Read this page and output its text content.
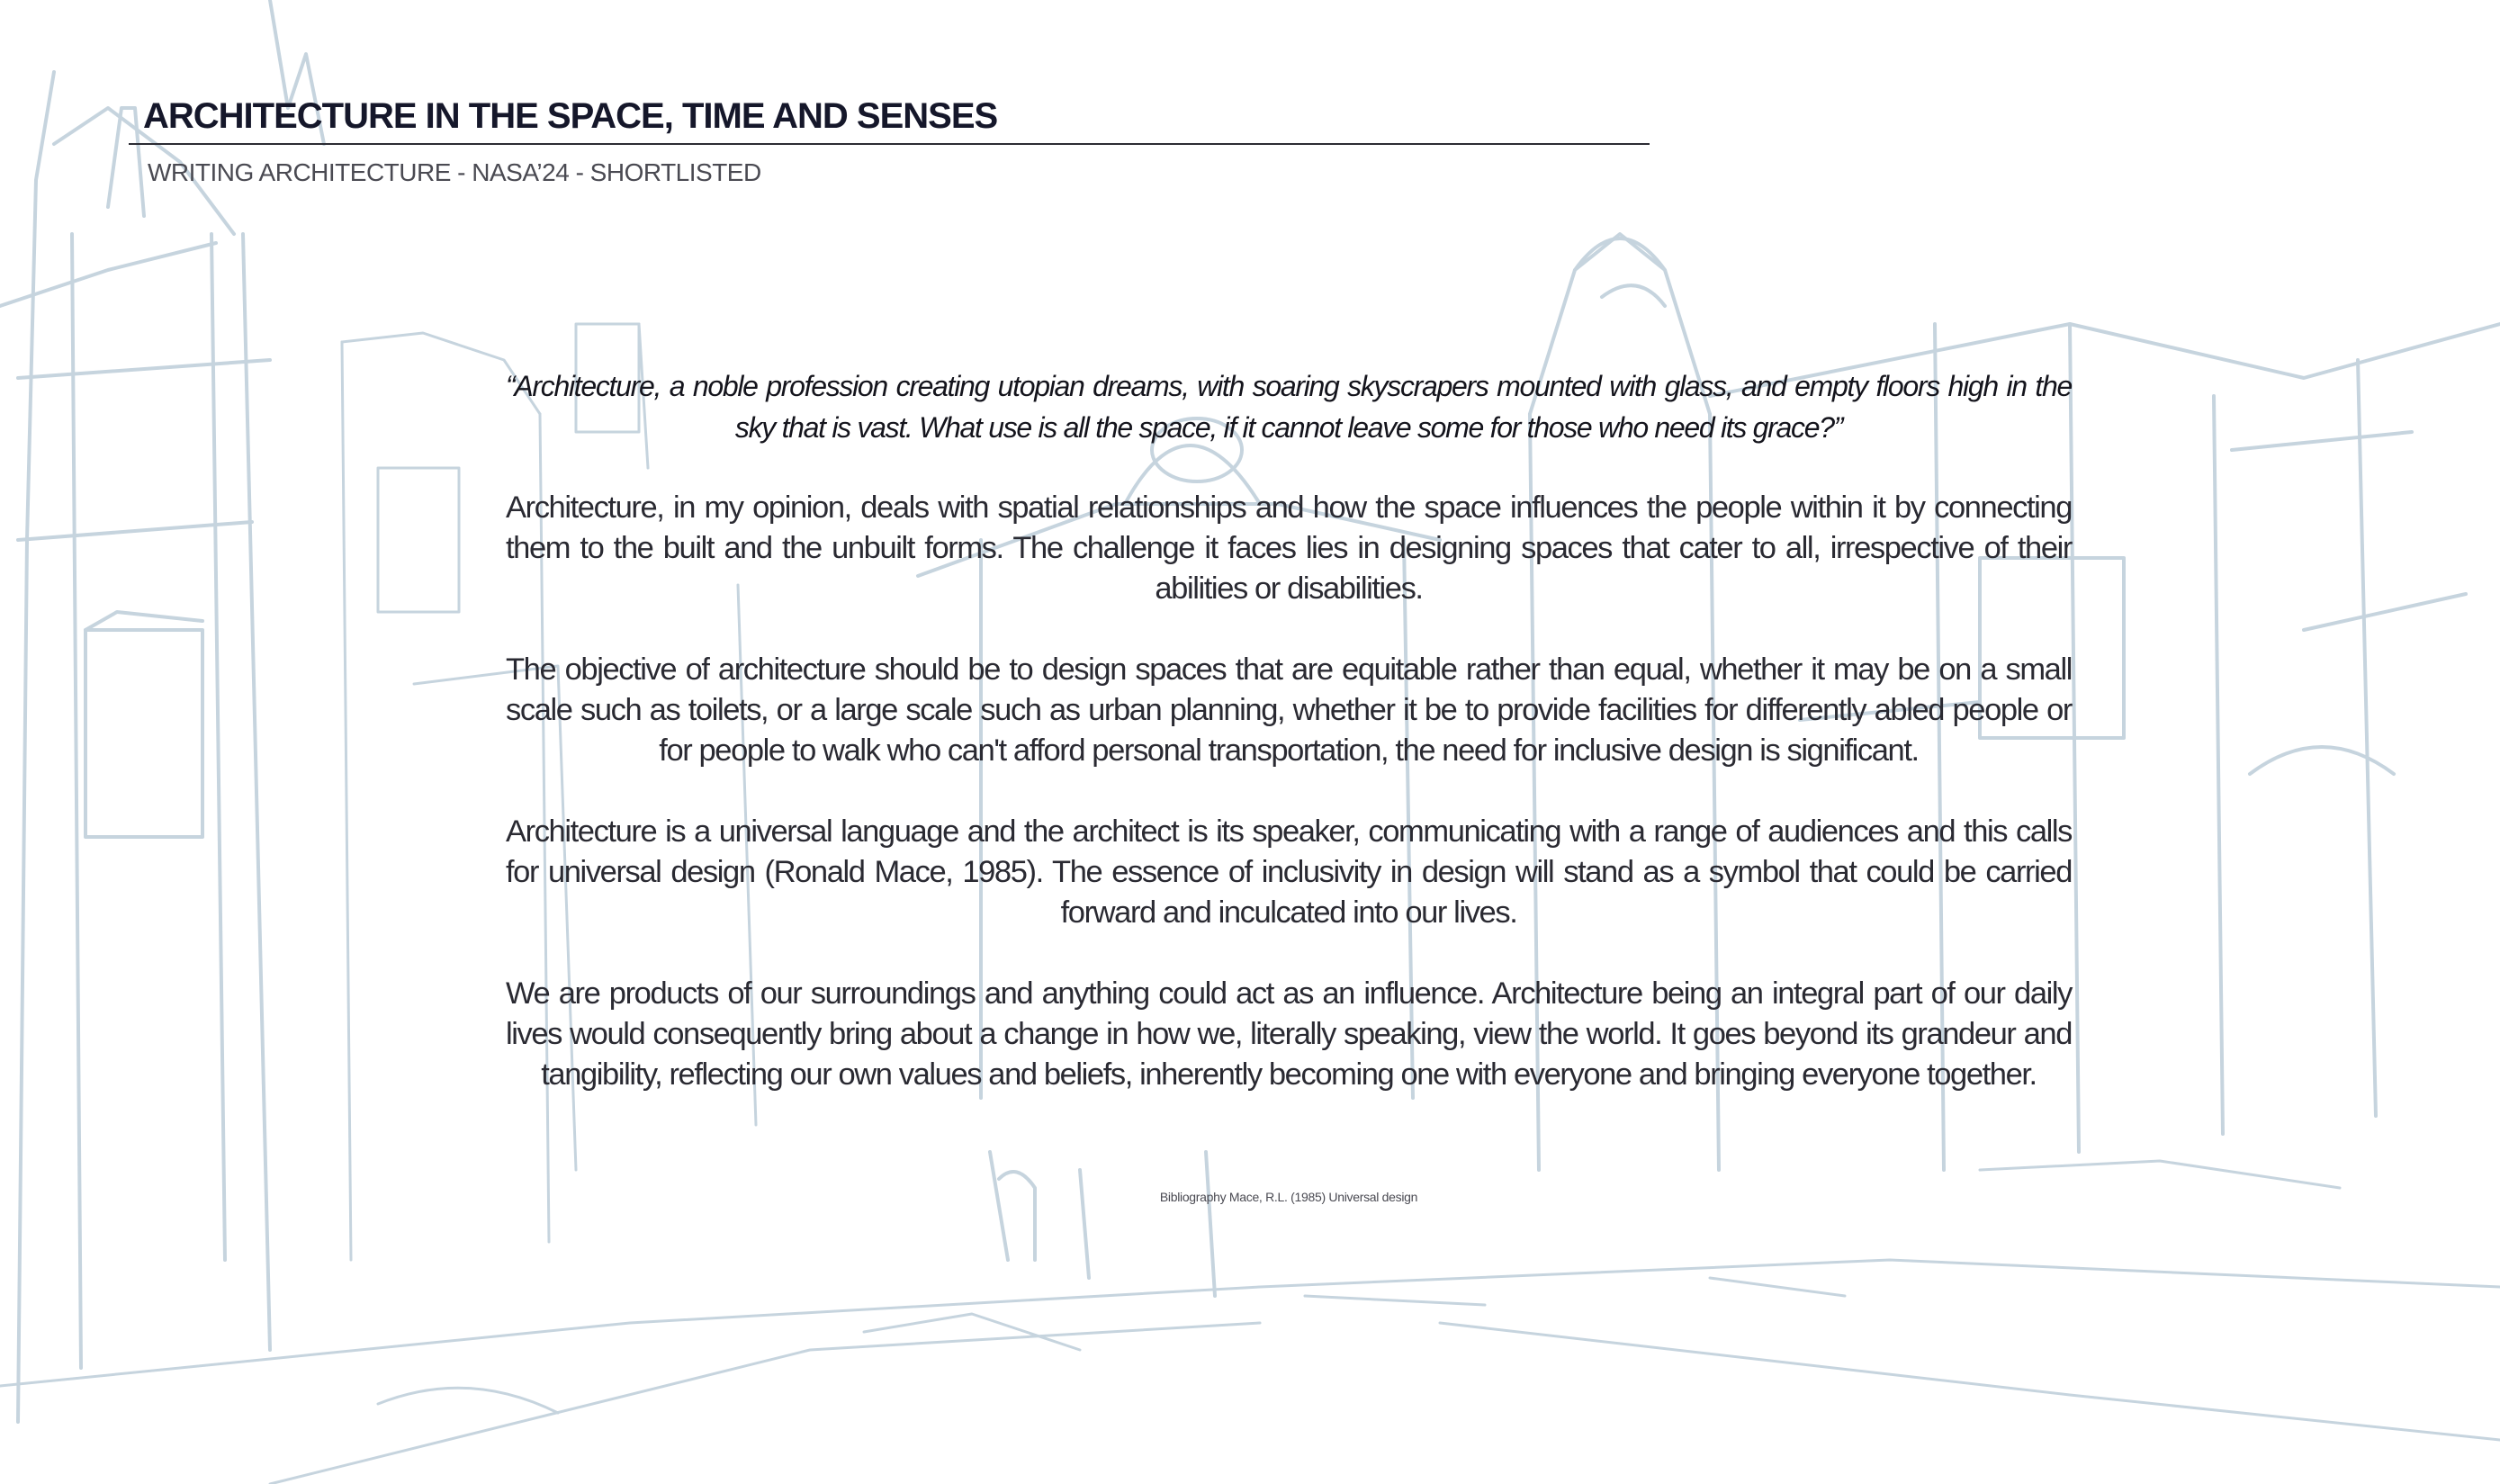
ARCHITECTURE IN THE SPACE, TIME AND SENSES
WRITING ARCHITECTURE - NASA’24 - SHORTLISTED

“Architecture, a noble profession creating utopian dreams, with soaring skyscrapers mounted with glass, and empty floors high in the sky that is vast. What use is all the space, if it cannot leave some for those who need its grace?”

Architecture, in my opinion, deals with spatial relationships and how the space influences the people within it by connecting them to the built and the unbuilt forms. The challenge it faces lies in designing spaces that cater to all, irrespective of their abilities or disabilities.

The objective of architecture should be to design spaces that are equitable rather than equal, whether it may be on a small scale such as toilets, or a large scale such as urban planning, whether it be to provide facilities for differently abled people or for people to walk who can't afford personal transportation, the need for inclusive design is significant.

Architecture is a universal language and the architect is its speaker, communicating with a range of audiences and this calls for universal design (Ronald Mace, 1985). The essence of inclusivity in design will stand as a symbol that could be carried forward and inculcated into our lives.

We are products of our surroundings and anything could act as an influence. Architecture being an integral part of our daily lives would consequently bring about a change in how we, literally speaking, view the world. It goes beyond its grandeur and tangibility, reflecting our own values and beliefs, inherently becoming one with everyone and bringing everyone together.

Bibliography Mace, R.L. (1985) Universal design
